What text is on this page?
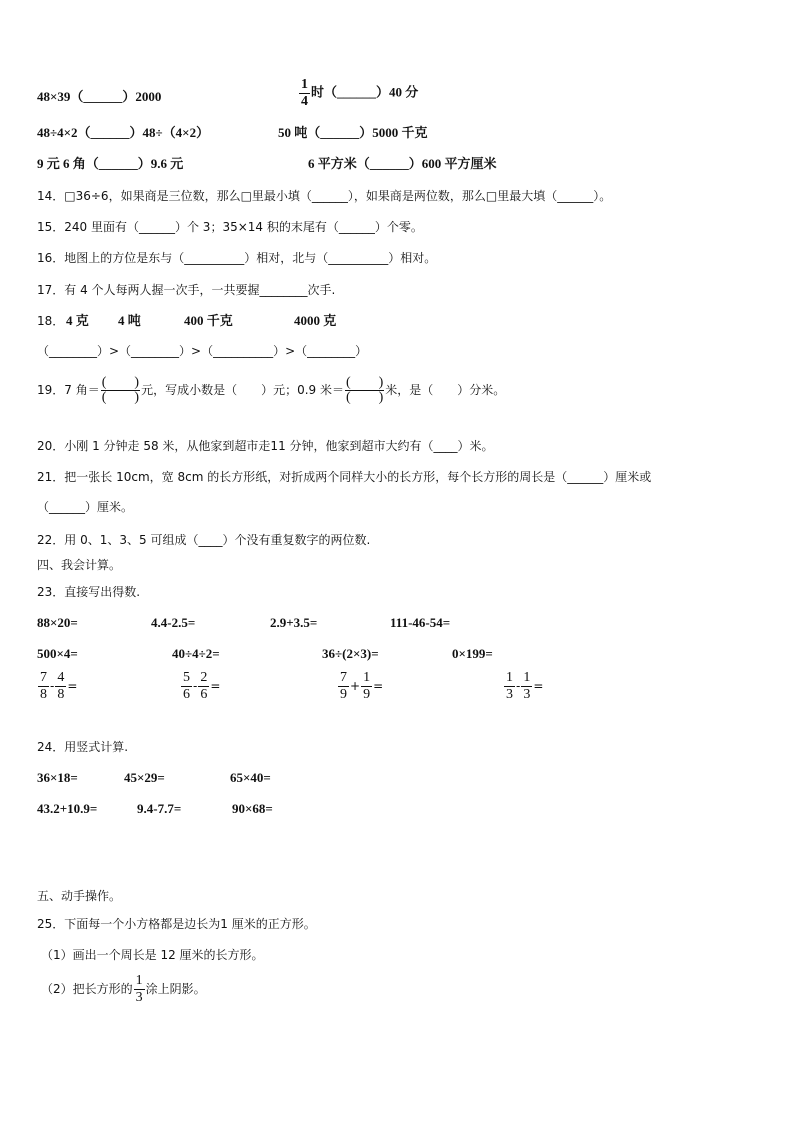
48×39（______）2000	$\frac{1}{4}$ 时（______）40 分
48÷4×2（______）48÷（4×2）	50 吨（______）5000 千克
9 元 6 角（______）9.6 元	6 平方米（______）600 平方厘米
14．□36÷6，如果商是三位数，那么□里最小填（______），如果商是两位数，那么□里最大填（______）。
15．240 里面有（______）个 3；35×14 积的末尾有（______）个零。
16．地图上的方位是东与（__________）相对，北与（__________）相对。
17．有 4 个人每两人握一次手，一共要握________次手.
18． 4 克 4 吨	400 千克	4000 克
（________）>（________）>（__________）>（________）
19．7 角＝ $\frac{( )}{( )}$ 元，写成小数是（　　）元；0.9 米＝ $\frac{( )}{( )}$ 米，是（　　）分米。
20．小刚 1 分钟走 58 米，从他家到超市走11 分钟，他家到超市大约有（____）米。
21．把一张长 10cm，宽 8cm 的长方形纸，对折成两个同样大小的长方形，每个长方形的周长是（______）厘米或
（______）厘米。
22．用 0、1、3、5 可组成（____）个没有重复数字的两位数.
四、我会计算。
23．直接写出得数.
88×20=	4.4-2.5=	2.9+3.5=	111-46-54=
500×4=	40÷4÷2=	36÷(2×3)=	0×199=
$\frac{7}{8} - \frac{4}{8}$ =	$\frac{5}{6} - \frac{2}{6}$ =	$\frac{7}{9} + \frac{1}{9}$ =	$\frac{1}{3} - \frac{1}{3}$ =
24．用竖式计算.
36×18=	45×29=	65×40=
43.2+10.9=	9.4-7.7=	90×68=
五、动手操作。
25．下面每一个小方格都是边长为1 厘米的正方形。
（1）画出一个周长是 12 厘米的长方形。
（2）把长方形的 $\frac{1}{3}$ 涂上阴影。
